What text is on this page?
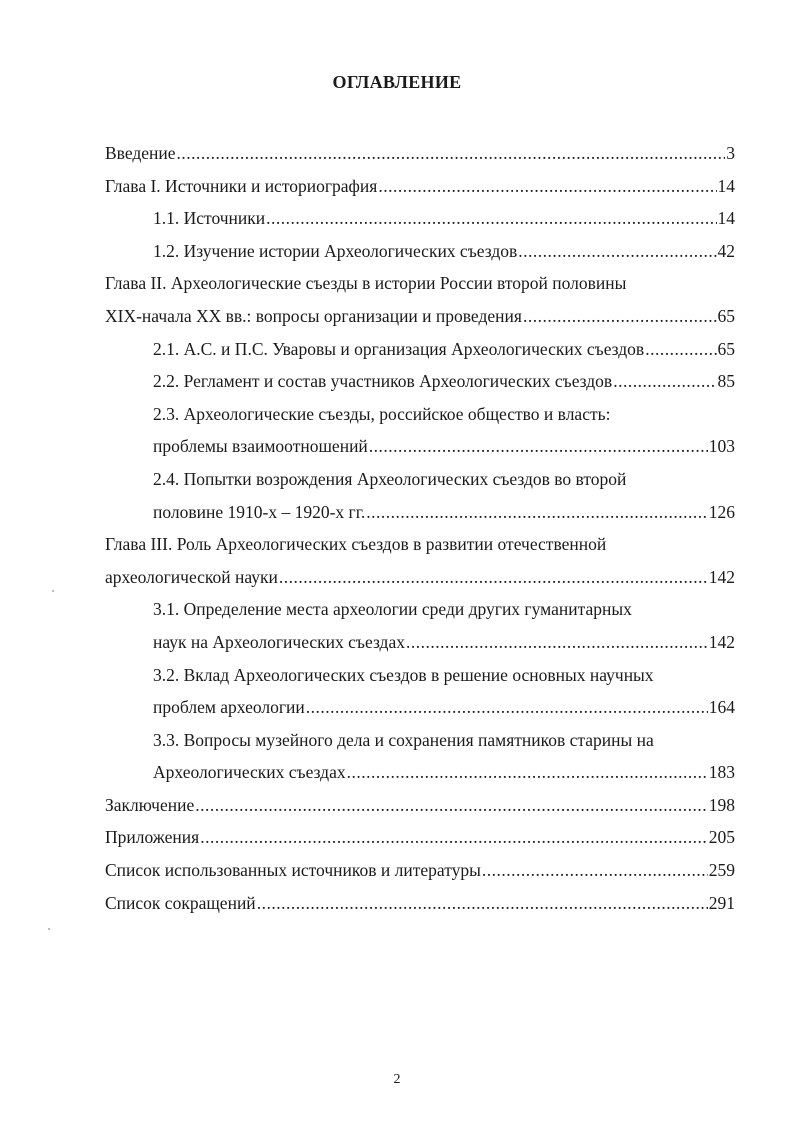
ОГЛАВЛЕНИЕ
Введение .....	3
Глава I. Источники и историография .....	14
1.1. Источники .....	14
1.2. Изучение истории Археологических съездов .....	42
Глава II. Археологические съезды в истории России второй половины
XIX-начала XX вв.: вопросы организации и проведения .....	65
2.1. А.С. и П.С. Уваровы и организация Археологических съездов .....	65
2.2. Регламент и состав участников Археологических съездов .....	85
2.3. Археологические съезды, российское общество и власть:
проблемы взаимоотношений .....	103
2.4. Попытки возрождения Археологических съездов во второй
половине 1910-х – 1920-х гг. .....	126
Глава III. Роль Археологических съездов в развитии отечественной
археологической науки .....	142
3.1. Определение места археологии среди других гуманитарных
наук на Археологических съездах .....	142
3.2. Вклад Археологических съездов в решение основных научных
проблем археологии .....	164
3.3. Вопросы музейного дела и сохранения памятников старины на
Археологических съездах .....	183
Заключение .....	198
Приложения .....	205
Список использованных источников и литературы .....	259
Список сокращений .....	291
2
